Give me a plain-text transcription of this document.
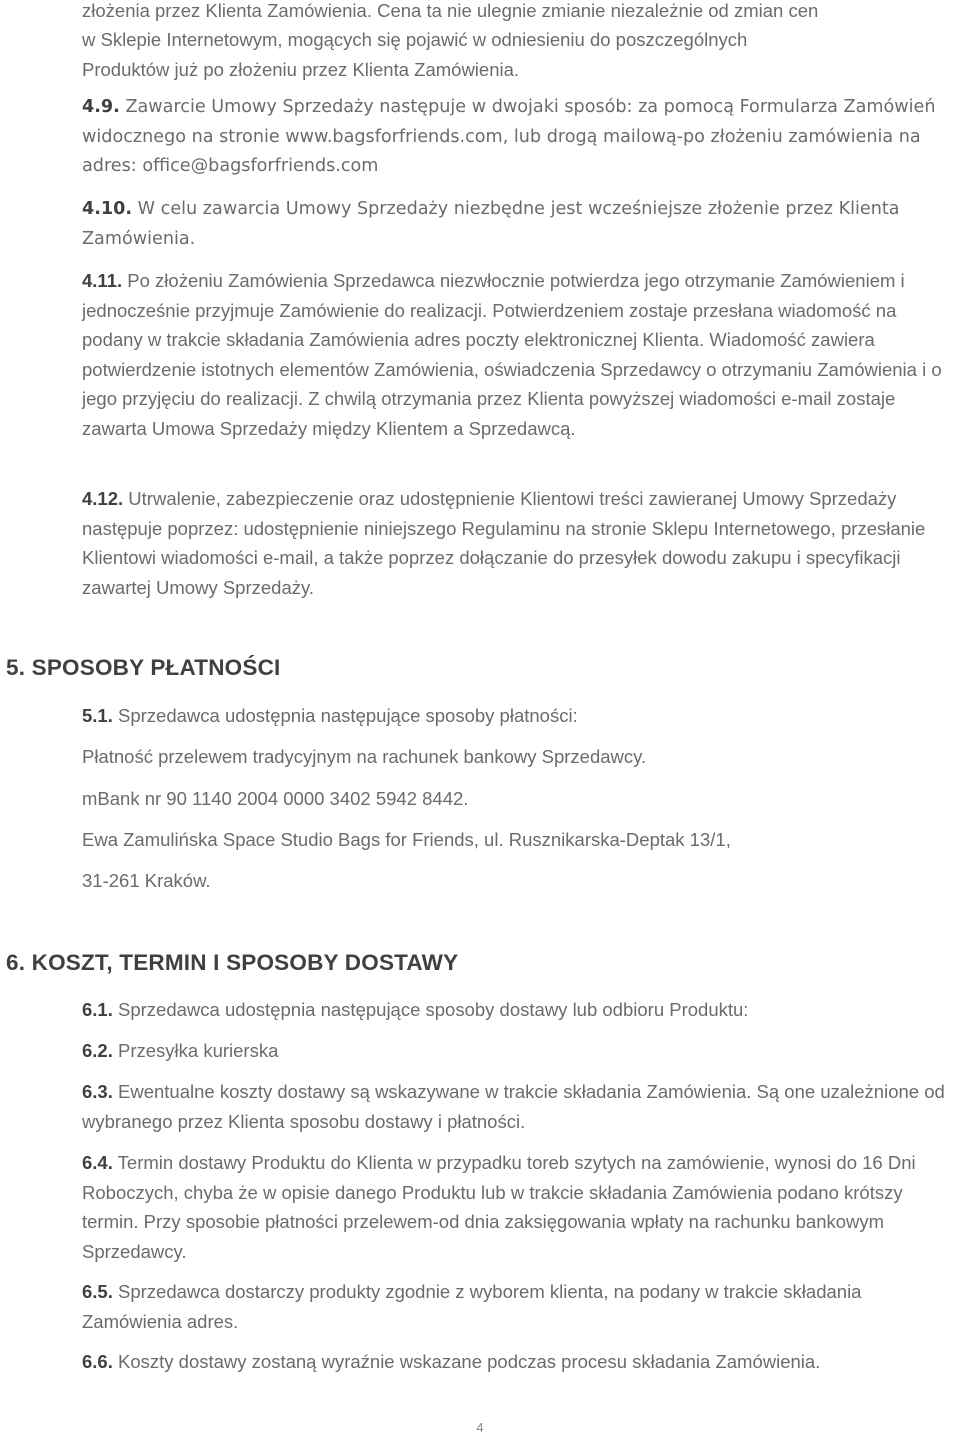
złożenia przez Klienta Zamówienia. Cena ta nie ulegnie zmianie niezależnie od zmian cen
w Sklepie Internetowym, mogących się pojawić w odniesieniu do poszczególnych
Produktów już po złożeniu przez Klienta Zamówienia.

4.9. Zawarcie Umowy Sprzedaży następuje w dwojaki sposób: za pomocą Formularza Zamówień widocznego na stronie www.bagsforfriends.com, lub drogą mailową-po złożeniu zamówienia na adres: office@bagsforfriends.com

4.10. W celu zawarcia Umowy Sprzedaży niezbędne jest wcześniejsze złożenie przez Klienta Zamówienia.

4.11. Po złożeniu Zamówienia Sprzedawca niezwłocznie potwierdza jego otrzymanie Zamówieniem i jednocześnie przyjmuje Zamówienie do realizacji. Potwierdzeniem zostaje przesłana wiadomość na podany w trakcie składania Zamówienia adres poczty elektronicznej Klienta. Wiadomość zawiera potwierdzenie istotnych elementów Zamówienia, oświadczenia Sprzedawcy o otrzymaniu Zamówienia i o jego przyjęciu do realizacji. Z chwilą otrzymania przez Klienta powyższej wiadomości e-mail zostaje zawarta Umowa Sprzedaży między Klientem a Sprzedawcą.

4.12. Utrwalenie, zabezpieczenie oraz udostępnienie Klientowi treści zawieranej Umowy Sprzedaży następuje poprzez: udostępnienie niniejszego Regulaminu na stronie Sklepu Internetowego, przesłanie Klientowi wiadomości e-mail, a także poprzez dołączanie do przesyłek dowodu zakupu i specyfikacji zawartej Umowy Sprzedaży.

5. SPOSOBY PŁATNOŚCI
5.1. Sprzedawca udostępnia następujące sposoby płatności:
Płatność przelewem tradycyjnym na rachunek bankowy Sprzedawcy.
mBank nr 90 1140 2004 0000 3402 5942 8442.
Ewa Zamulińska Space Studio Bags for Friends, ul. Rusznikarska-Deptak 13/1,
31-261 Kraków.
6. KOSZT, TERMIN I SPOSOBY DOSTAWY
6.1. Sprzedawca udostępnia następujące sposoby dostawy lub odbioru Produktu:
6.2. Przesyłka kurierska

6.3. Ewentualne koszty dostawy są wskazywane w trakcie składania Zamówienia. Są one uzależnione od wybranego przez Klienta sposobu dostawy i płatności.

6.4. Termin dostawy Produktu do Klienta w przypadku toreb szytych na zamówienie, wynosi do 16 Dni Roboczych, chyba że w opisie danego Produktu lub w trakcie składania Zamówienia podano krótszy termin. Przy sposobie płatności przelewem-od dnia zaksięgowania wpłaty na rachunku bankowym Sprzedawcy.

6.5. Sprzedawca dostarczy produkty zgodnie z wyborem klienta, na podany w trakcie składania Zamówienia adres.

6.6. Koszty dostawy zostaną wyraźnie wskazane podczas procesu składania Zamówienia.
4
